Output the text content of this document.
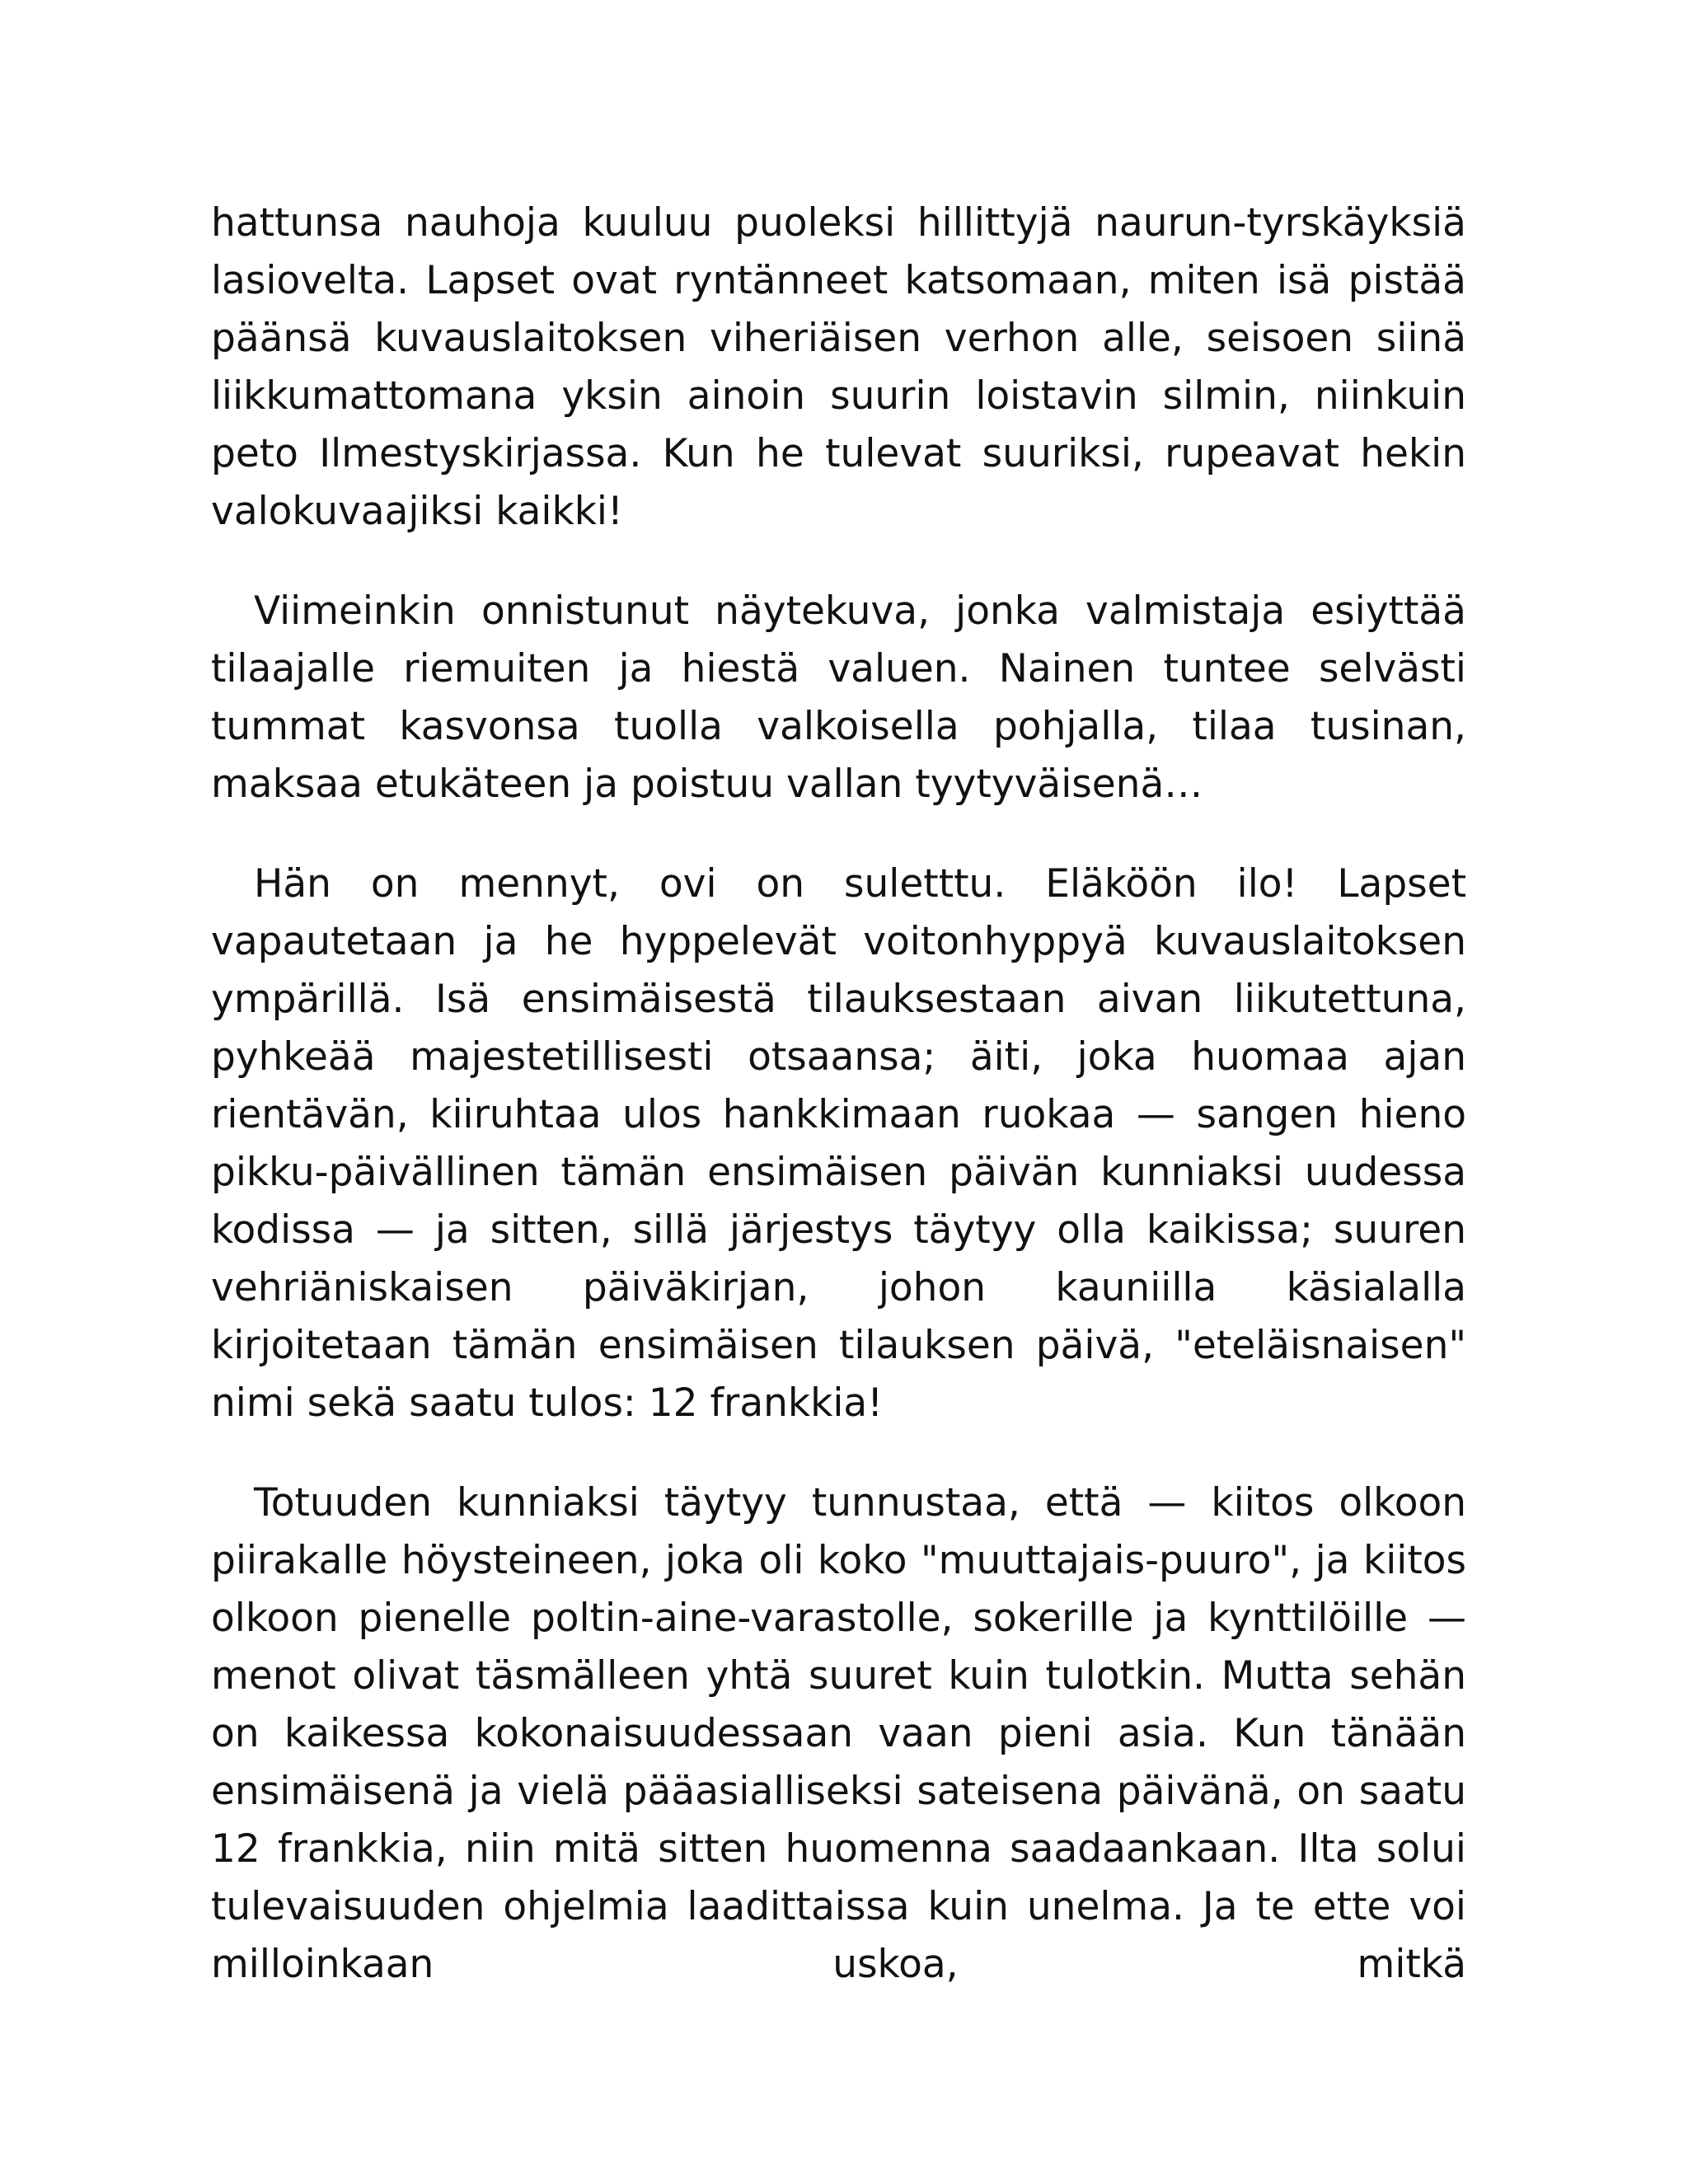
hattunsa nauhoja kuuluu puoleksi hillittyjä naurun-tyrskäyksiä lasiovelta. Lapset ovat ryntänneet katsomaan, miten isä pistää päänsä kuvauslaitoksen viheriäisen verhon alle, seisoen siinä liikkumattomana yksin ainoin suurin loistavin silmin, niinkuin peto Ilmestyskirjassa. Kun he tulevat suuriksi, rupeavat hekin valokuvaajiksi kaikki!

Viimeinkin onnistunut näytekuva, jonka valmistaja esiyttää tilaajalle riemuiten ja hiestä valuen. Nainen tuntee selvästi tummat kasvonsa tuolla valkoisella pohjalla, tilaa tusinan, maksaa etukäteen ja poistuu vallan tyytyväisenä…

Hän on mennyt, ovi on suletttu. Eläköön ilo! Lapset vapautetaan ja he hyppelevät voitonhyppyä kuvauslaitoksen ympärillä. Isä ensimäisestä tilauksestaan aivan liikutettuna, pyhkeää majestetillisesti otsaansa; äiti, joka huomaa ajan rientävän, kiiruhtaa ulos hankkimaan ruokaa — sangen hieno pikku-päivällinen tämän ensimäisen päivän kunniaksi uudessa kodissa — ja sitten, sillä järjestys täytyy olla kaikissa; suuren vehriäniskaisen päiväkirjan, johon kauniilla käsialalla kirjoitetaan tämän ensimäisen tilauksen päivä, "eteläisnaisen" nimi sekä saatu tulos: 12 frankkia!

Totuuden kunniaksi täytyy tunnustaa, että — kiitos olkoon piirakalle höysteineen, joka oli koko "muuttajais-puuro", ja kiitos olkoon pienelle poltin-aine-varastolle, sokerille ja kynttilöille — menot olivat täsmälleen yhtä suuret kuin tulotkin. Mutta sehän on kaikessa kokonaisuudessaan vaan pieni asia. Kun tänään ensimäisenä ja vielä pääasialliseksi sateisena päivänä, on saatu 12 frankkia, niin mitä sitten huomenna saadaankaan. Ilta solui tulevaisuuden ohjelmia laadittaissa kuin unelma. Ja te ette voi milloinkaan uskoa, mitkä
